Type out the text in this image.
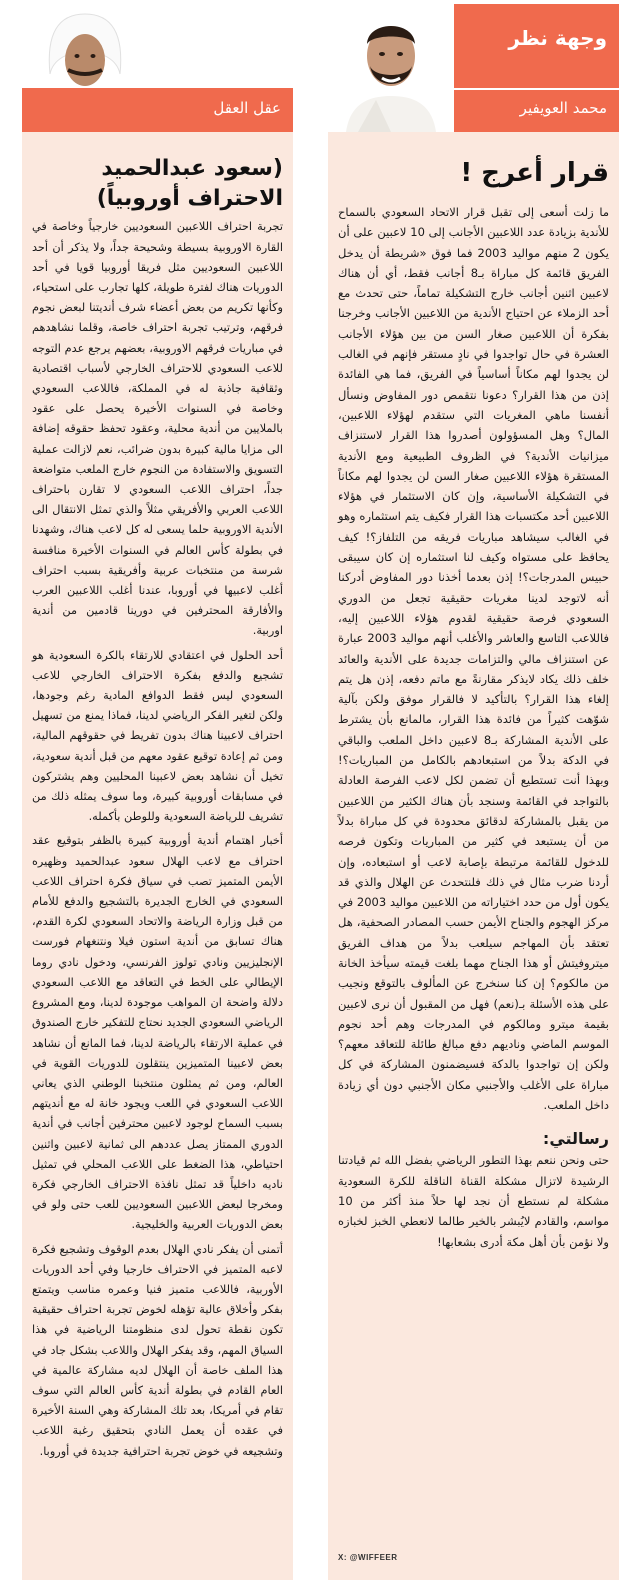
وجهة نظر
محمد العويفير
قرار أعرج !

ما زلت أسعى إلى تقبل قرار الاتحاد السعودي بالسماح للأندية بزيادة عدد اللاعبين الأجانب إلى 10 لاعبين على أن يكون 2 منهم مواليد 2003 فما فوق «شريطة أن يدخل الفريق قائمة كل مباراة بـ8 أجانب فقط، أي أن هناك لاعبين اثنين أجانب خارج التشكيلة تماماً، حتى تحدث مع أحد الزملاء عن احتياج الأندية من اللاعبين الأجانب وخرجنا بفكرة أن اللاعبين صغار السن من بين هؤلاء الأجانب العشرة في حال تواجدوا في نادٍ مستقر فإنهم في الغالب لن يجدوا لهم مكاناً أساسياً في الفريق، فما هي الفائدة إذن من هذا القرار؟ دعونا نتقمص دور المفاوض ونسأل أنفسنا ماهي المغريات التي ستقدم لهؤلاء اللاعبين، المال؟ وهل المسؤولون أصدروا هذا القرار لاستنزاف ميزانيات الأندية؟ في الظروف الطبيعية ومع الأندية المستقرة هؤلاء اللاعبين صغار السن لن يجدوا لهم مكاناً في التشكيلة الأساسية، وإن كان الاستثمار في هؤلاء اللاعبين أحد مكتسبات هذا القرار فكيف يتم استثماره وهو في الغالب سيشاهد مباريات فريقه من التلفاز؟! كيف يحافظ على مستواه وكيف لنا استثماره إن كان سيبقى حبيس المدرجات؟! إذن بعدما أخذنا دور المفاوض أدركنا أنه لاتوجد لدينا مغريات حقيقية تجعل من الدوري السعودي فرصة حقيقية لقدوم هؤلاء اللاعبين إليه، فاللاعب التاسع والعاشر والأغلب أنهم مواليد 2003 عبارة عن استنزاف مالي والتزامات جديدة على الأندية والعائد خلف ذلك يكاد لايذكر مقارنةً مع ماتم دفعه، إذن هل يتم إلغاء هذا القرار؟ بالتأكيد لا فالقرار موفق ولكن بآلية شوّهت كثيراً من فائدة هذا القرار، مالمانع بأن يشترط على الأندية المشاركة بـ8 لاعبين داخل الملعب والباقي في الدكة بدلاً من استبعادهم بالكامل من المباريات؟! وبهذا أنت تستطيع أن تضمن لكل لاعب الفرصة العادلة بالتواجد في القائمة وسنجد بأن هناك الكثير من اللاعبين من يقبل بالمشاركة لدقائق محدودة في كل مباراة بدلاً من أن يستبعد في كثير من المباريات وتكون فرصه للدخول للقائمة مرتبطة بإصابة لاعب أو استبعاده، وإن أردنا ضرب مثال في ذلك فلنتحدث عن الهلال والذي قد يكون أول من حدد اختياراته من اللاعبين مواليد 2003 في مركز الهجوم والجناح الأيمن حسب المصادر الصحفية، هل تعتقد بأن المهاجم سيلعب بدلاً من هداف الفريق ميتروفيتش أو هذا الجناح مهما بلغت قيمته سيأخذ الخانة من مالكوم؟ إن كنا سنخرج عن المألوف بالتوقع ونجيب على هذه الأسئلة بـ(نعم) فهل من المقبول أن نرى لاعبين بقيمة ميترو ومالكوم في المدرجات وهم أحد نجوم الموسم الماضي وناديهم دفع مبالغ طائلة للتعاقد معهم؟ ولكن إن تواجدوا بالدكة فسيضمنون المشاركة في كل مباراة على الأغلب والأجنبي مكان الأجنبي دون أي زيادة داخل الملعب.

رسالتي:

حتى ونحن ننعم بهذا التطور الرياضي بفضل الله ثم قيادتنا الرشيدة لاتزال مشكلة القناة الناقلة للكرة السعودية مشكلة لم نستطع أن نجد لها حلاً منذ أكثر من 10 مواسم، والقادم لايُبشر بالخير طالما لانعطي الخبز لخبازه ولا نؤمن بأن أهل مكة أدرى بشعابها!

X: @WIFFEER
عقل العقل
(سعود عبدالحميد
الاحتراف أوروبياً)

تجربة احتراف اللاعبين السعوديين خارجياً وخاصة في القارة الاوروبية بسيطة وشحيحة جداً، ولا يذكر أن أحد اللاعبين السعوديين مثل فريقا أوروبيا قويا في أحد الدوريات هناك لفترة طويلة، كلها تجارب على استحياء، وكأنها تكريم من بعض أعضاء شرف أنديتنا لبعض نجوم فرقهم، وترتيب تجربة احتراف خاصة، وقلما نشاهدهم في مباريات فرقهم الاوروبية، بعضهم يرجع عدم التوجه للاعب السعودي للاحتراف الخارجي لأسباب اقتصادية وثقافية جاذبة له في المملكة، فاللاعب السعودي وخاصة في السنوات الأخيرة يحصل على عقود بالملايين من أندية محلية، وعقود تحفظ حقوقه إضافة الى مزايا مالية كبيرة بدون ضرائب، نعم لازالت عملية التسويق والاستفادة من النجوم خارج الملعب متواضعة جداً، احتراف اللاعب السعودي لا تقارن باحتراف اللاعب العربي والأفريقي مثلاً والذي تمثل الانتقال الى الأندية الاوروبية حلما يسعى له كل لاعب هناك، وشهدنا في بطولة كأس العالم في السنوات الأخيرة منافسة شرسة من منتخبات عربية وأفريقية بسبب احتراف أغلب لاعبيها في أوروبا، عندنا أغلب اللاعبين العرب والأفارقة المحترفين في دورينا قادمين من أندية اوربية.

أحد الحلول في اعتقادي للارتقاء بالكرة السعودية هو تشجيع والدفع بفكرة الاحتراف الخارجي للاعب السعودي ليس فقط الدوافع المادية رغم وجودها، ولكن لتغير الفكر الرياضي لدينا، فماذا يمنع من تسهيل احتراف لاعبينا هناك بدون تفريط في حقوقهم المالية، ومن ثم إعادة توقيع عقود معهم من قبل أندية سعودية، تخيل أن نشاهد بعض لاعبينا المحليين وهم يشتركون في مسابقات أوروبية كبيرة، وما سوف يمثله ذلك من تشريف للرياضة السعودية وللوطن بأكمله.

أخبار اهتمام أندية أوروبية كبيرة بالظفر بتوقيع عقد احتراف مع لاعب الهلال سعود عبدالحميد وظهيره الأيمن المتميز تصب في سياق فكرة احتراف اللاعب السعودي في الخارج الجديرة بالتشجيع والدفع للأمام من قبل وزارة الرياضة والاتحاد السعودي لكرة القدم، هناك تسابق من أندية استون فيلا ونتنغهام فورست الإنجليزيين ونادي تولوز الفرنسي، ودخول نادي روما الإيطالي على الخط في التعاقد مع اللاعب السعودي دلالة واضحة ان المواهب موجودة لدينا، ومع المشروع الرياضي السعودي الجديد نحتاج للتفكير خارج الصندوق في عملية الارتقاء بالرياضة لدينا، فما المانع أن نشاهد بعض لاعبينا المتميزين ينتقلون للدوريات القوية في العالم، ومن ثم يمثلون منتخبنا الوطني الذي يعاني اللاعب السعودي في اللعب ويجود خانة له مع أنديتهم بسبب السماح لوجود لاعبين محترفين أجانب في أندية الدوري الممتاز يصل عددهم الى ثمانية لاعبين واثنين احتياطي، هذا الضغط على اللاعب المحلي في تمثيل ناديه داخلياً قد تمثل نافذة الاحتراف الخارجي فكرة ومخرجا لبعض اللاعبين السعوديين للعب حتى ولو في بعض الدوريات العربية والخليجية.

أتمنى أن يفكر نادي الهلال بعدم الوقوف وتشجيع فكرة لاعبه المتميز في الاحتراف خارجيا وفي أحد الدوريات الأوربية، فاللاعب متميز فنيا وعمره مناسب ويتمتع بفكر وأخلاق عالية تؤهله لخوض تجربة احتراف حقيقية تكون نقطة تحول لدى منظومتنا الرياضية في هذا السياق المهم، وقد يفكر الهلال واللاعب بشكل جاد في هذا الملف خاصة أن الهلال لديه مشاركة عالمية في العام القادم في بطولة أندية كأس العالم التي سوف تقام في أمريكا، بعد تلك المشاركة وهي السنة الأخيرة في عقده أن يعمل النادي بتحقيق رغبة اللاعب وتشجيعه في خوض تجربة احترافية جديدة في أوروبا.
